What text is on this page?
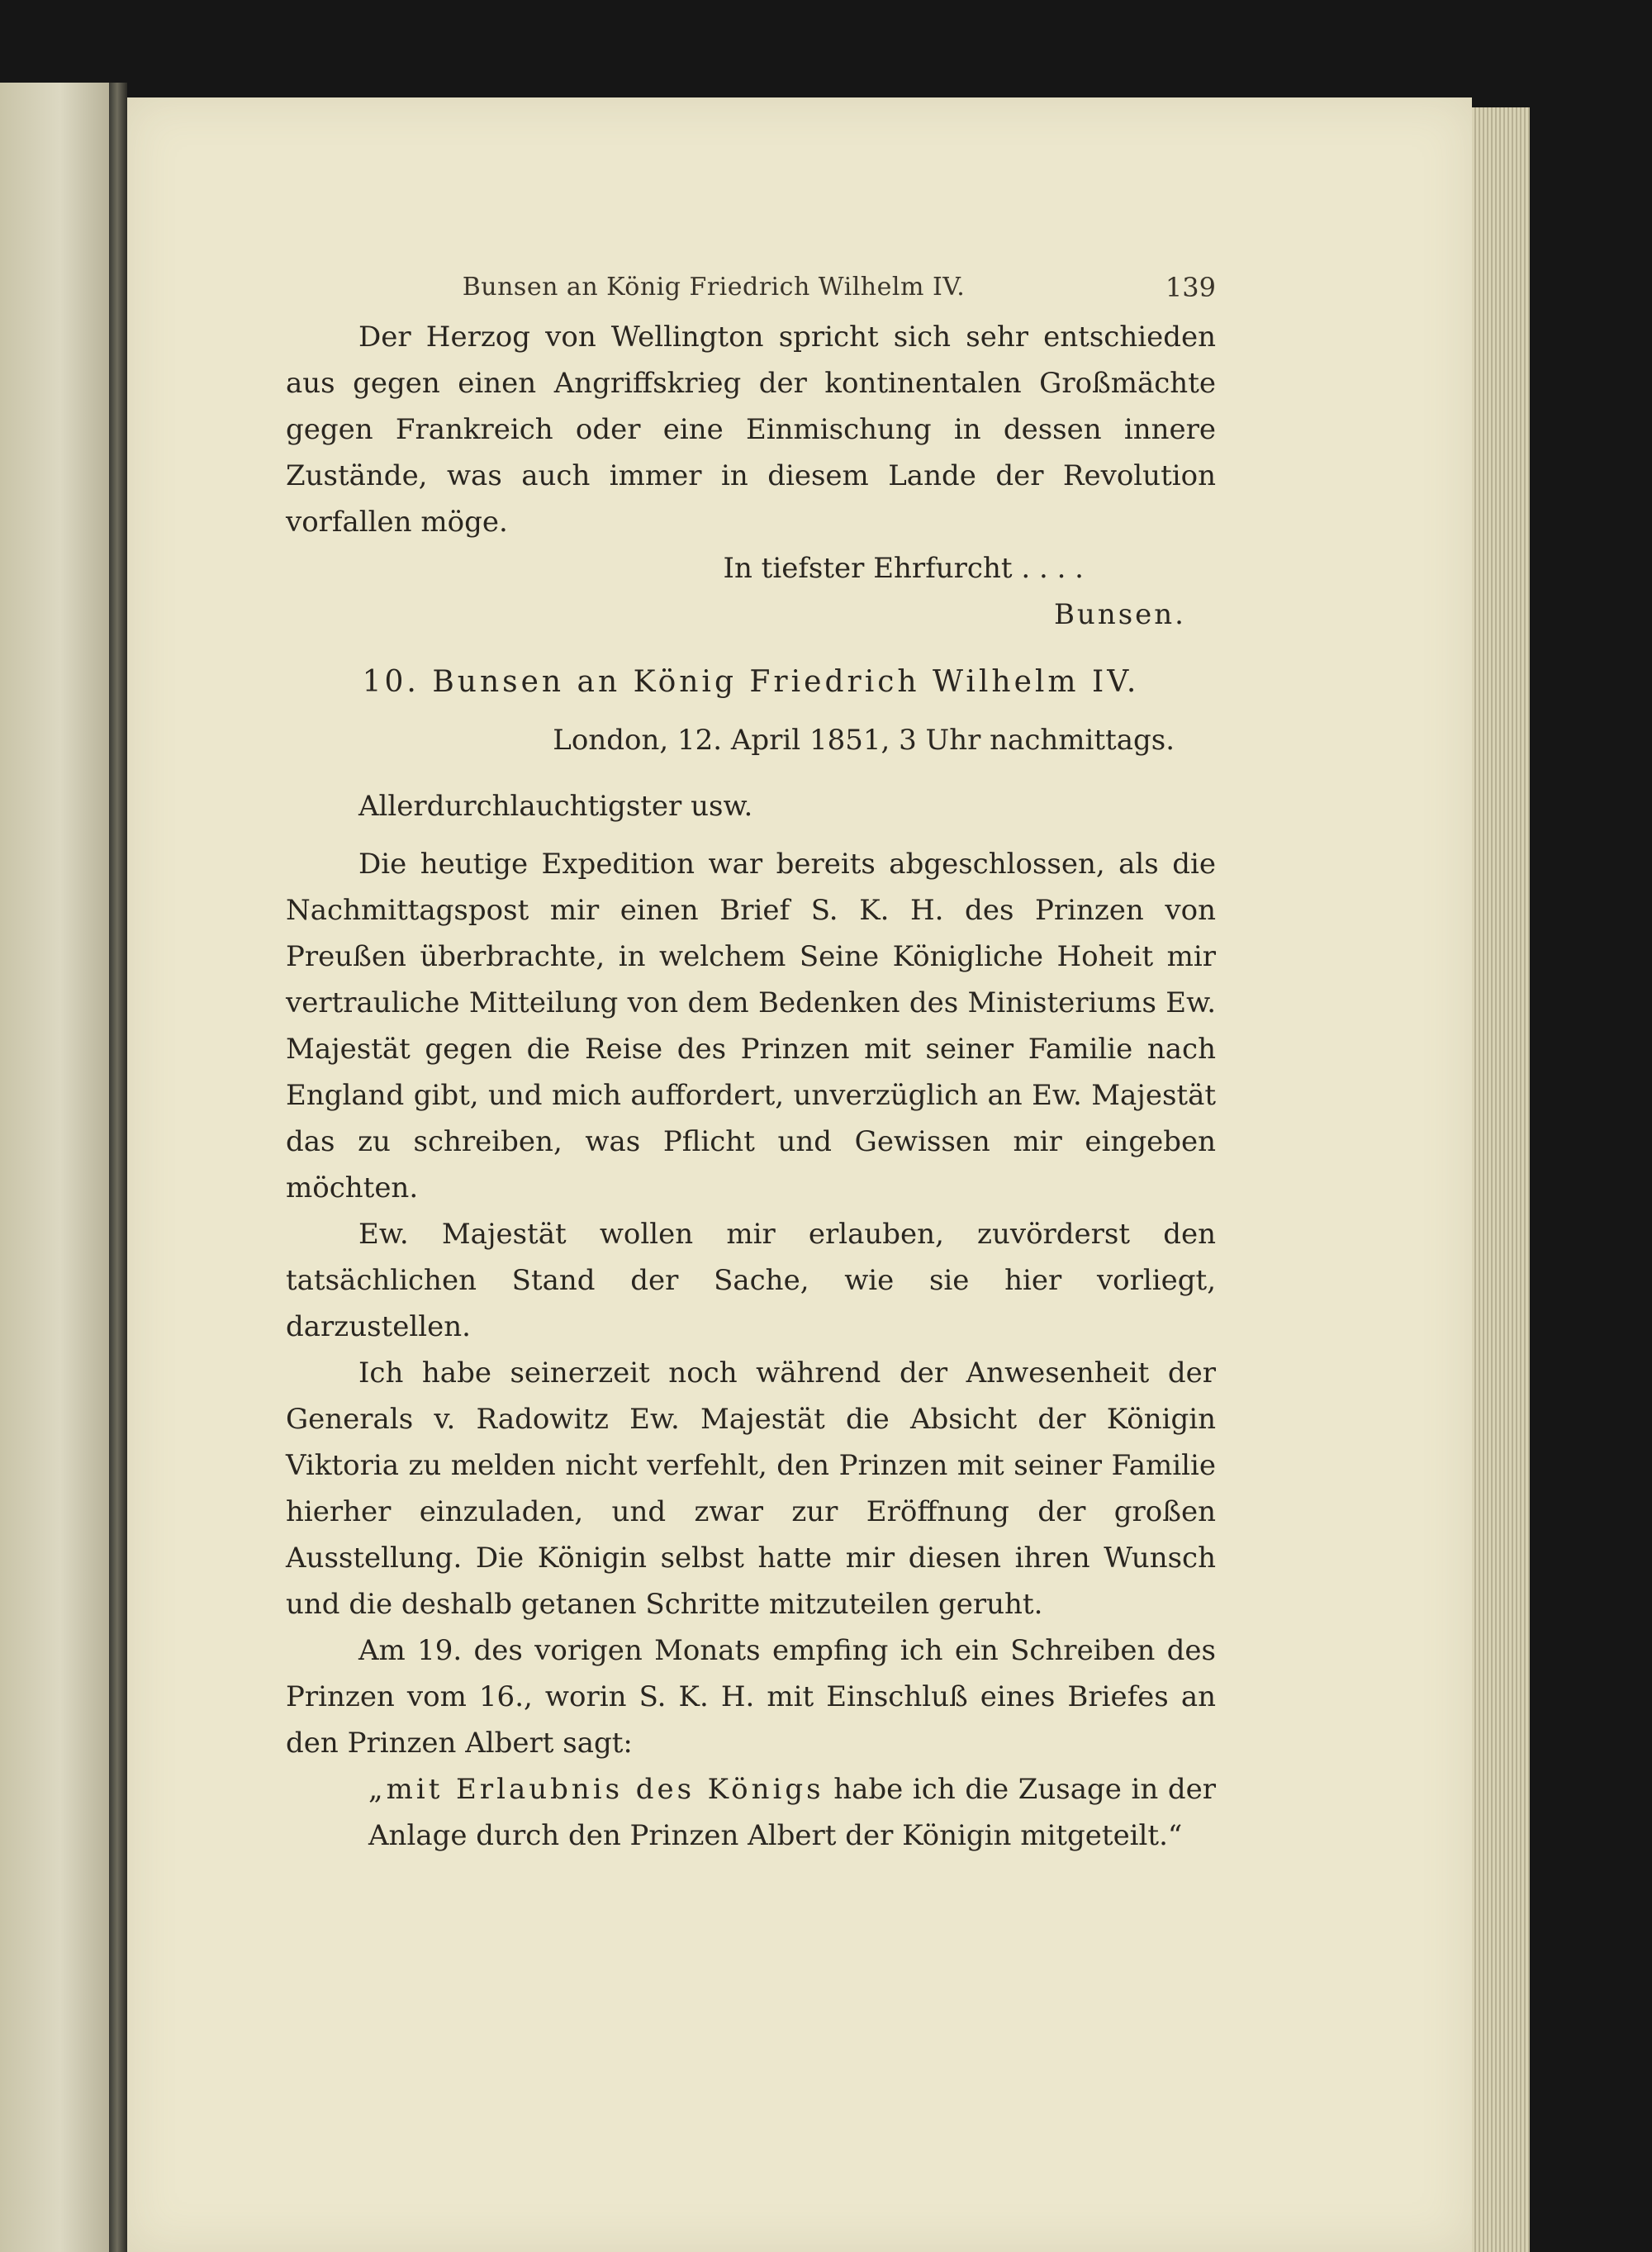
Bunsen an König Friedrich Wilhelm IV.	139

Der Herzog von Wellington spricht sich sehr entschieden aus gegen einen Angriffskrieg der kontinentalen Großmächte gegen Frankreich oder eine Einmischung in dessen innere Zustände, was auch immer in diesem Lande der Revolution vorfallen möge.

In tiefster Ehrfurcht . . . .

Bunsen.

10. Bunsen an König Friedrich Wilhelm IV.

London, 12. April 1851, 3 Uhr nachmittags.

Allerdurchlauchtigster usw.

Die heutige Expedition war bereits abgeschlossen, als die Nachmittagspost mir einen Brief S. K. H. des Prinzen von Preußen überbrachte, in welchem Seine Königliche Hoheit mir vertrauliche Mitteilung von dem Bedenken des Ministeriums Ew. Majestät gegen die Reise des Prinzen mit seiner Familie nach England gibt, und mich auffordert, unverzüglich an Ew. Majestät das zu schreiben, was Pflicht und Gewissen mir eingeben möchten.

Ew. Majestät wollen mir erlauben, zuvörderst den tatsächlichen Stand der Sache, wie sie hier vorliegt, darzustellen.

Ich habe seinerzeit noch während der Anwesenheit der Generals v. Radowitz Ew. Majestät die Absicht der Königin Viktoria zu melden nicht verfehlt, den Prinzen mit seiner Familie hierher einzuladen, und zwar zur Eröffnung der großen Ausstellung. Die Königin selbst hatte mir diesen ihren Wunsch und die deshalb getanen Schritte mitzuteilen geruht.

Am 19. des vorigen Monats empfing ich ein Schreiben des Prinzen vom 16., worin S. K. H. mit Einschluß eines Briefes an den Prinzen Albert sagt:

„mit Erlaubnis des Königs habe ich die Zusage in der Anlage durch den Prinzen Albert der Königin mitgeteilt.“
